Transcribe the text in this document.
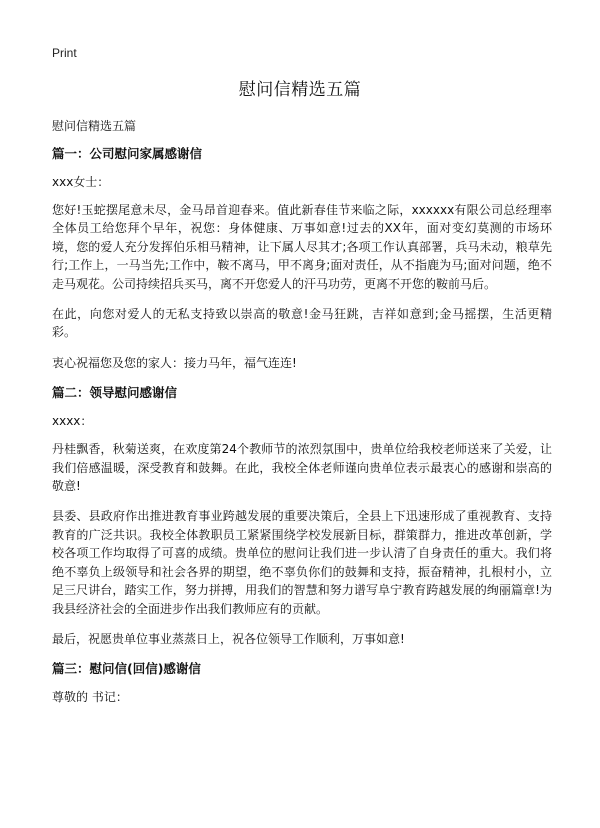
Print
慰问信精选五篇

慰问信精选五篇

篇一：公司慰问家属感谢信

xxx女士：

您好!玉蛇摆尾意未尽，金马昂首迎春来。值此新春佳节来临之际，xxxxxx有限公司总经理率全体员工给您拜个早年，祝您：身体健康、万事如意!过去的XX年，面对变幻莫测的市场环境，您的爱人充分发挥伯乐相马精神，让下属人尽其才;各项工作认真部署，兵马未动，粮草先行;工作上，一马当先;工作中，鞍不离马，甲不离身;面对责任，从不指鹿为马;面对问题，绝不走马观花。公司持续招兵买马，离不开您爱人的汗马功劳，更离不开您的鞍前马后。

在此，向您对爱人的无私支持致以崇高的敬意!金马狂跳，吉祥如意到;金马摇摆，生活更精彩。

衷心祝福您及您的家人：接力马年，福气连连!

篇二：领导慰问感谢信

xxxx：

丹桂飘香，秋菊送爽，在欢度第24个教师节的浓烈氛围中，贵单位给我校老师送来了关爱，让我们倍感温暖，深受教育和鼓舞。在此，我校全体老师谨向贵单位表示最衷心的感谢和崇高的敬意!

县委、县政府作出推进教育事业跨越发展的重要决策后，全县上下迅速形成了重视教育、支持教育的广泛共识。我校全体教职员工紧紧围绕学校发展新目标，群策群力，推进改革创新，学校各项工作均取得了可喜的成绩。贵单位的慰问让我们进一步认清了自身责任的重大。我们将绝不辜负上级领导和社会各界的期望，绝不辜负你们的鼓舞和支持，振奋精神，扎根村小，立足三尺讲台，踏实工作，努力拼搏，用我们的智慧和努力谱写阜宁教育跨越发展的绚丽篇章!为我县经济社会的全面进步作出我们教师应有的贡献。

最后，祝愿贵单位事业蒸蒸日上，祝各位领导工作顺利，万事如意!

篇三：慰问信(回信)感谢信

尊敬的 书记：
